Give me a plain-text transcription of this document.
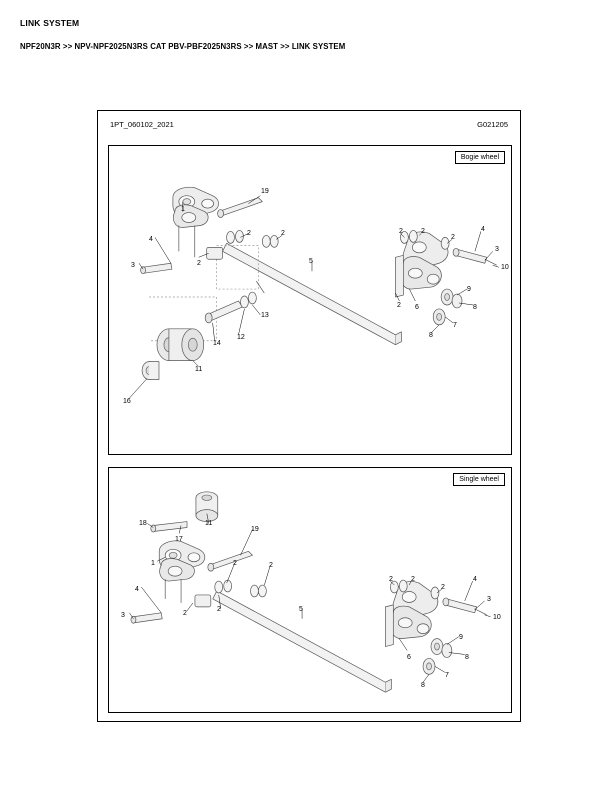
LINK SYSTEM
NPF20N3R >> NPV-NPF2025N3RS CAT PBV-PBF2025N3RS >> MAST >> LINK SYSTEM
1PT_060102_2021	G021205
Bogie wheel
1
19
2	2
4
3	2	5
2	2
2
4
3
10
9
6
2	8
7
8
13
12
14
11
16
Single wheel
18
17
11
19
1	2	2
4
3	2
2	5
2	2
2
4
3
10
9
6	8
7
8
